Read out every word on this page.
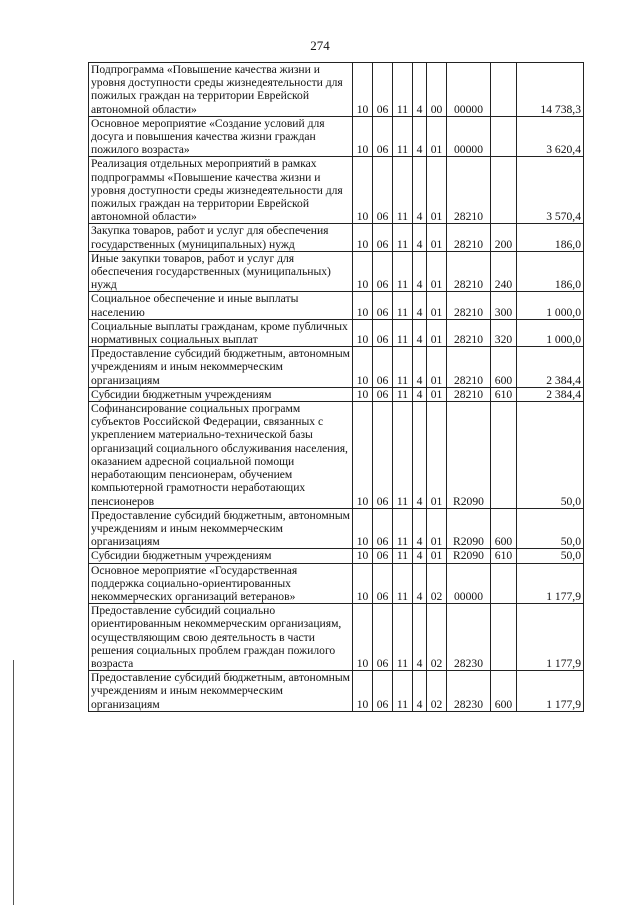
274
Подпрограмма «Повышение качества жизни и уровня доступности среды жизнедеятельности для пожилых граждан на территории Еврейской автономной области»	10	06	11	4	00	00000		14 738,3
Основное мероприятие «Создание условий для досуга и повышения качества жизни граждан пожилого возраста»	10	06	11	4	01	00000		3 620,4
Реализация отдельных мероприятий в рамках подпрограммы «Повышение качества жизни и уровня доступности среды жизнедеятельности для пожилых граждан на территории Еврейской автономной области»	10	06	11	4	01	28210		3 570,4
Закупка товаров, работ и услуг для обеспечения государственных (муниципальных) нужд	10	06	11	4	01	28210	200	186,0
Иные закупки товаров, работ и услуг для обеспечения государственных (муниципальных) нужд	10	06	11	4	01	28210	240	186,0
Социальное обеспечение и иные выплаты населению	10	06	11	4	01	28210	300	1 000,0
Социальные выплаты гражданам, кроме публичных нормативных социальных выплат	10	06	11	4	01	28210	320	1 000,0
Предоставление субсидий бюджетным, автономным учреждениям и иным некоммерческим организациям	10	06	11	4	01	28210	600	2 384,4
Субсидии бюджетным учреждениям	10	06	11	4	01	28210	610	2 384,4
Софинансирование социальных программ субъектов Российской Федерации, связанных с укреплением материально-технической базы организаций социального обслуживания населения, оказанием адресной социальной помощи неработающим пенсионерам, обучением компьютерной грамотности неработающих пенсионеров	10	06	11	4	01	R2090		50,0
Предоставление субсидий бюджетным, автономным учреждениям и иным некоммерческим организациям	10	06	11	4	01	R2090	600	50,0
Субсидии бюджетным учреждениям	10	06	11	4	01	R2090	610	50,0
Основное мероприятие «Государственная поддержка социально-ориентированных некоммерческих организаций ветеранов»	10	06	11	4	02	00000		1 177,9
Предоставление субсидий социально ориентированным некоммерческим организациям, осуществляющим свою деятельность в части решения социальных проблем граждан пожилого возраста	10	06	11	4	02	28230		1 177,9
Предоставление субсидий бюджетным, автономным учреждениям и иным некоммерческим организациям	10	06	11	4	02	28230	600	1 177,9
